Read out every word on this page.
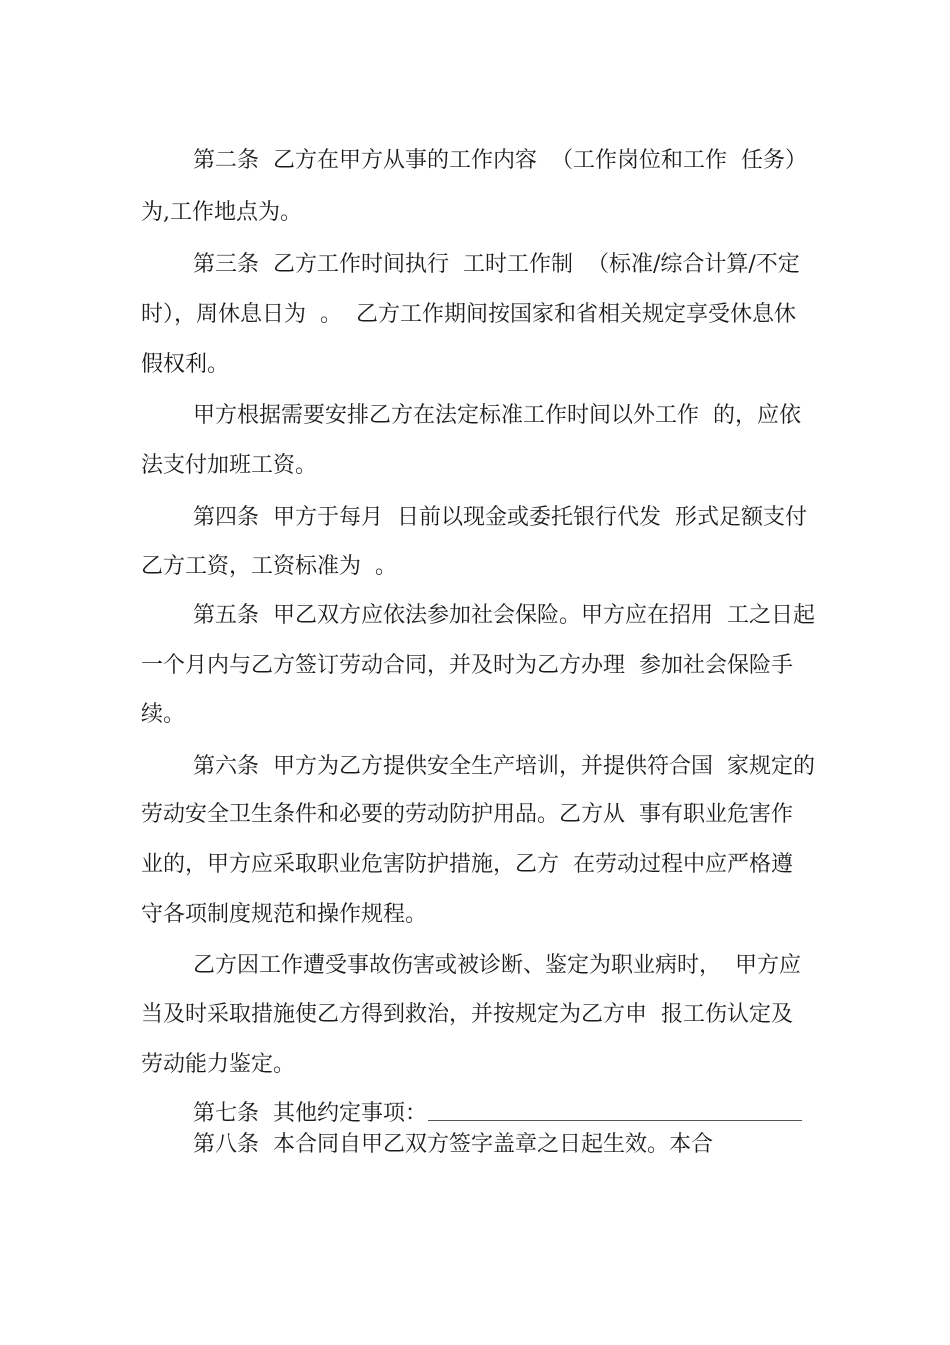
第二条  乙方在甲方从事的工作内容  （工作岗位和工作  任务）

为,工作地点为。

第三条  乙方工作时间执行  工时工作制  （标准/综合计算/不定

时），周休息日为  。  乙方工作期间按国家和省相关规定享受休息休

假权利。

甲方根据需要安排乙方在法定标准工作时间以外工作  的，应依

法支付加班工资。

第四条  甲方于每月  日前以现金或委托银行代发  形式足额支付

乙方工资，工资标准为  。

第五条  甲乙双方应依法参加社会保险。甲方应在招用  工之日起

一个月内与乙方签订劳动合同，并及时为乙方办理  参加社会保险手

续。

第六条  甲方为乙方提供安全生产培训，并提供符合国  家规定的

劳动安全卫生条件和必要的劳动防护用品。乙方从  事有职业危害作

业的，甲方应采取职业危害防护措施，乙方  在劳动过程中应严格遵

守各项制度规范和操作规程。

乙方因工作遭受事故伤害或被诊断、鉴定为职业病时，  甲方应

当及时采取措施使乙方得到救治，并按规定为乙方申  报工伤认定及

劳动能力鉴定。

第七条  其他约定事项：

第八条  本合同自甲乙双方签字盖章之日起生效。本合
